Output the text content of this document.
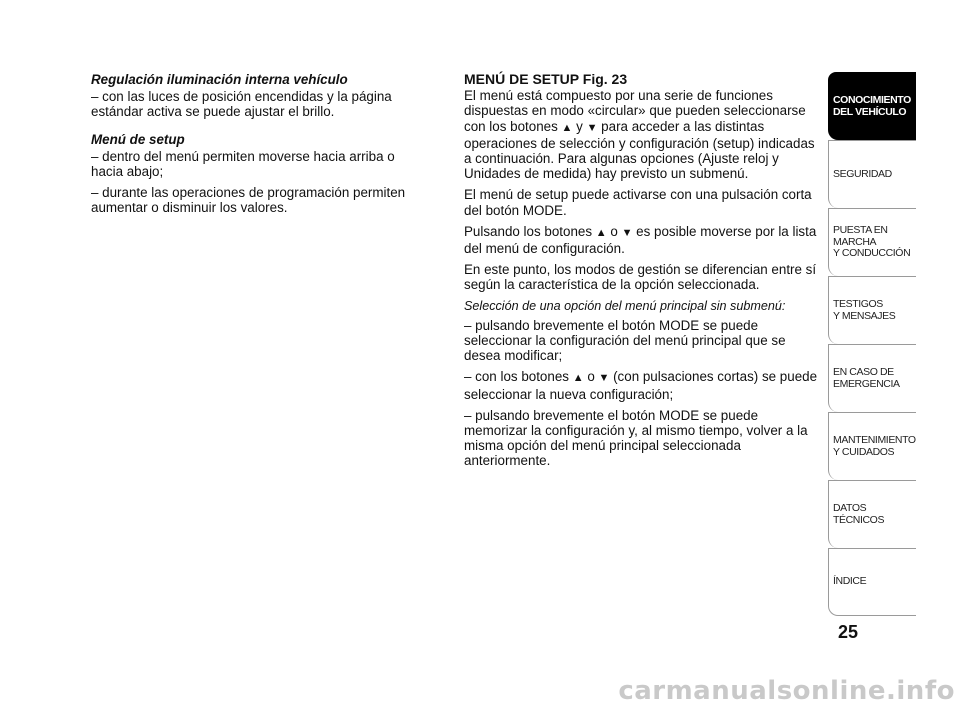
Regulación iluminación interna vehículo

– con las luces de posición encendidas y la página estándar activa se puede ajustar el brillo.

Menú de setup

– dentro del menú permiten moverse hacia arriba o hacia abajo;

– durante las operaciones de programación permiten aumentar o disminuir los valores.

MENÚ DE SETUP Fig. 23

El menú está compuesto por una serie de funciones dispuestas en modo «circular» que pueden seleccionarse con los botones ▲ y ▼ para acceder a las distintas operaciones de selección y configuración (setup) indicadas a continuación. Para algunas opciones (Ajuste reloj y Unidades de medida) hay previsto un submenú.

El menú de setup puede activarse con una pulsación corta del botón MODE.

Pulsando los botones ▲ o ▼ es posible moverse por la lista del menú de configuración.

En este punto, los modos de gestión se diferencian entre sí según la característica de la opción seleccionada.

Selección de una opción del menú principal sin submenú:

– pulsando brevemente el botón MODE se puede seleccionar la configuración del menú principal que se desea modificar;

– con los botones ▲ o ▼ (con pulsaciones cortas) se puede seleccionar la nueva configuración;

– pulsando brevemente el botón MODE se puede memorizar la configuración y, al mismo tiempo, volver a la misma opción del menú principal seleccionada anteriormente.

CONOCIMIENTO
DEL VEHÍCULO
SEGURIDAD
PUESTA EN
MARCHA
Y CONDUCCIÓN
TESTIGOS
Y MENSAJES
EN CASO DE
EMERGENCIA
MANTENIMIENTO
Y CUIDADOS
DATOS
TÉCNICOS
ÍNDICE
25
carmanualsonline.info
